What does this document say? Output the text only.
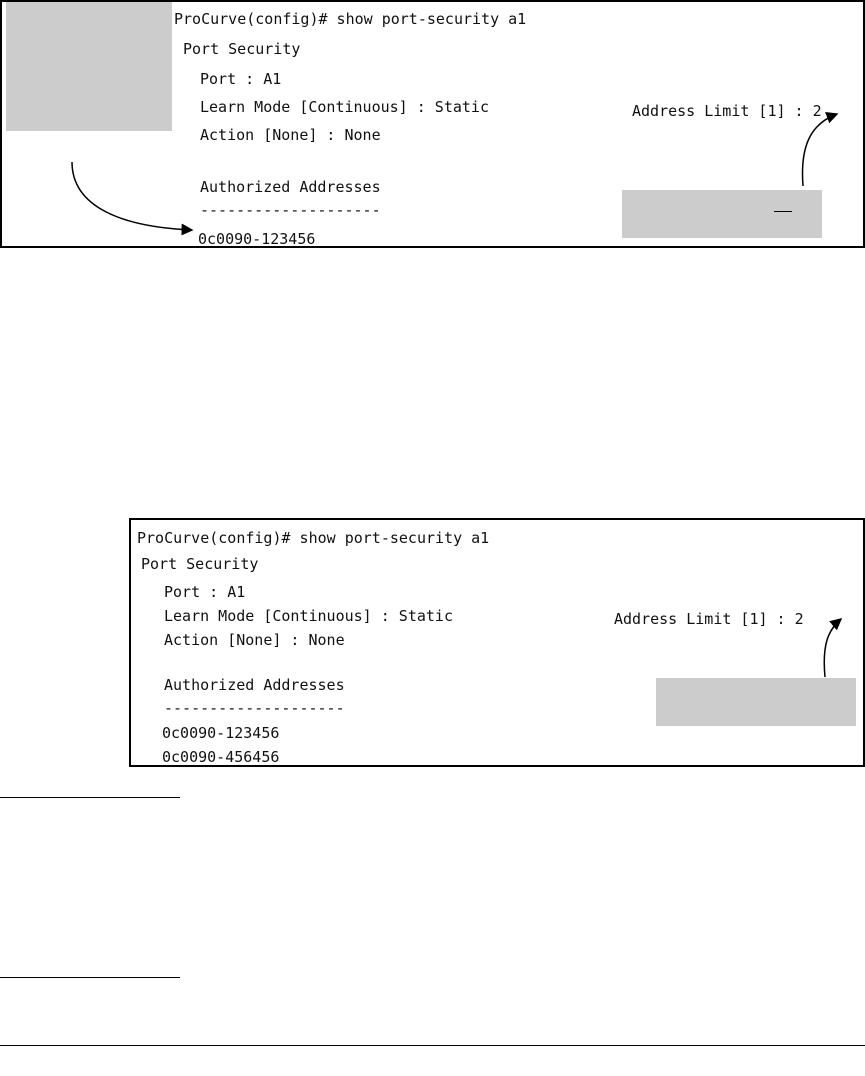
ProCurve(config)# show port-security a1
Port Security
Port : A1
Learn Mode [Continuous] : Static	Address Limit [1] : 2
Action [None] : None
Authorized Addresses
--------------------
0c0090-123456
ProCurve(config)# show port-security a1
Port Security
Port : A1
Learn Mode [Continuous] : Static	Address Limit [1] : 2
Action [None] : None
Authorized Addresses
--------------------
0c0090-123456
0c0090-456456
